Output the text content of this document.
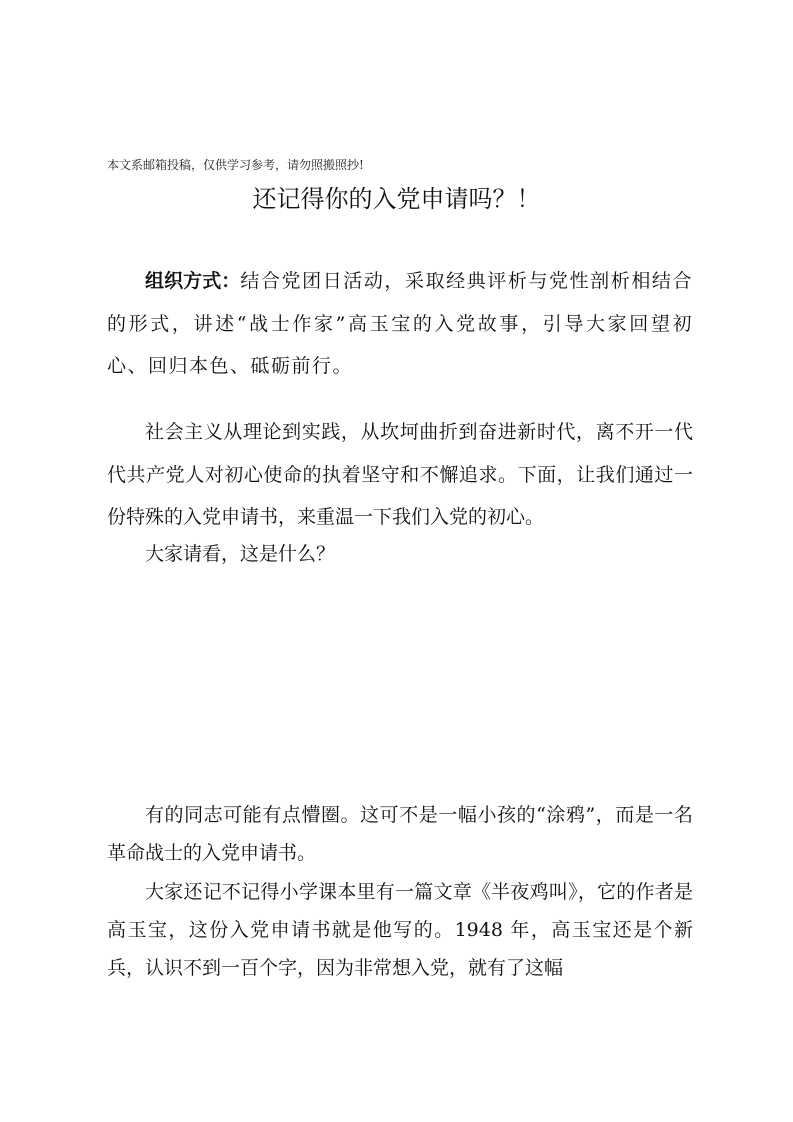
本文系邮箱投稿，仅供学习参考，请勿照搬照抄!
还记得你的入党申请吗？！

组织方式：结合党团日活动，采取经典评析与党性剖析相结合的形式，讲述“战士作家”高玉宝的入党故事，引导大家回望初心、回归本色、砥砺前行。

社会主义从理论到实践，从坎坷曲折到奋进新时代，离不开一代代共产党人对初心使命的执着坚守和不懈追求。下面，让我们通过一份特殊的入党申请书，来重温一下我们入党的初心。

大家请看，这是什么？

有的同志可能有点懵圈。这可不是一幅小孩的“涂鸦”，而是一名革命战士的入党申请书。

大家还记不记得小学课本里有一篇文章《半夜鸡叫》，它的作者是高玉宝，这份入党申请书就是他写的。1948 年，高玉宝还是个新兵，认识不到一百个字，因为非常想入党，就有了这幅
